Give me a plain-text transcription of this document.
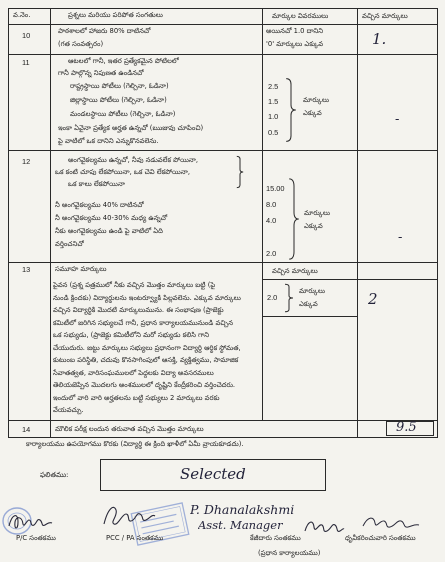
వ.నెం.	ప్రశ్నలు మరియు పరిపోత సంగతులు	మార్కుల వివరములు	వచ్చిన మార్కులు
10	పాఠశాలలో హాజరు 80% దాటినచో
(గత సంవత్సరం)
అయినచో 1.0 దానిని
'0' మార్కులు ఎక్కువ	1.
11	ఆటలలో గానీ, ఇతర ప్రత్యేకమైన పోటిలలో
గానీ పాల్గొన్న నిపుణత ఉండినచో
రాష్ట్రస్థాయి పోటీలు (గెల్చినా, ఓడినా)
జిల్లాస్థాయి పోటీలు (గెల్చినా, ఓడినా)
మండలస్థాయి పోటీలు (గెల్చినా, ఓడినా)
ఇంకా ఏవైనా ప్రత్యేక అర్హత ఉన్నచో (ఋజువు చూపించి)
పై వాటిలో ఒక దానిని ఎన్నుకొనవలెను.
2.5
1.5
1.0
0.5
మార్కులు
ఎక్కువ	-
12	అంగవైకల్యము ఉన్నచో, నీవు నడువలేక పోయినా,
ఒక కంటి చూపు లేకపోయినా, ఒక చెవి లేకపోయినా,
ఒక కాలు లేకపోయినా
నీ అంగవైకల్యము 40% దాటినచో
నీ అంగవైకల్యము 40-30% మధ్య ఉన్నచో
నీకు అంగవైకల్యము ఉండి పై వాటిలో ఏది
వర్తించనిచో
15.00
8.0
4.0
2.0
మార్కులు
ఎక్కువ
-
13	సమూహ మార్కులు	వచ్చిన మార్కులు
పైవన (ప్రశ్న పత్రములో నీకు వచ్చిన మొత్తం మార్కులు బట్టి (పై
నుండి క్రిందకు) విద్యార్థులను ఇంటర్వ్యూకి పిల్లవలెను. ఎక్కువ మార్కులు
వచ్చిన విద్యార్థికి మొదటి మార్కులుమును. ఈ సంభాషణ (ప్రాజెక్టు
కమిటీలో జరిగిన సభ్యులచే గానీ, ప్రధాన కార్యాలయమునుండి వచ్చిన
ఒక సభ్యుడు, (ప్రాజెక్టు కమిటీలోని మరో సభ్యుడు కలిసి గాని
చేయుదురు. జట్టు మార్కులు సభ్యులు ప్రధానంగా విద్యార్థి ఆర్థిక స్థోమత,
కుటుంబ పరిస్థితి, చదువు కొనసాగింపులో ఆసక్తి, వ్యక్తిత్వము, సామాజిక
సేవాతత్వత, వారిసంఘములలో పెద్దలకు విద్యా అవసరములు
తెలియజెప్పిన మొదలగు అంశములలో దృష్టిని కేంద్రీకరించి వర్తించెదరు.
ఇందులో వారి వారి అర్హతలను బట్టి సభ్యులు 2 మార్కులు వరకు
వేయవచ్చు.
2.0
మార్కులు
ఎక్కువ	2
14	మౌలిక పరీక్ష లందున తరువాత వచ్చిన మొత్తం మార్కులు	9.5
కార్యాలయము ఉపయోగము కొరకు (విద్యార్థి ఈ క్రింది ఖాళీలో ఏమీ వ్రాయకూడదు).
ఫలితము:	Selected
P/C సంతకము	PCC / PA సంతకము
P. Dhanalakshmi
Asst. Manager
కేజీదారు సంతకము
(ప్రధాన కార్యాలయము)
ధృవీకరించువారి సంతకము
